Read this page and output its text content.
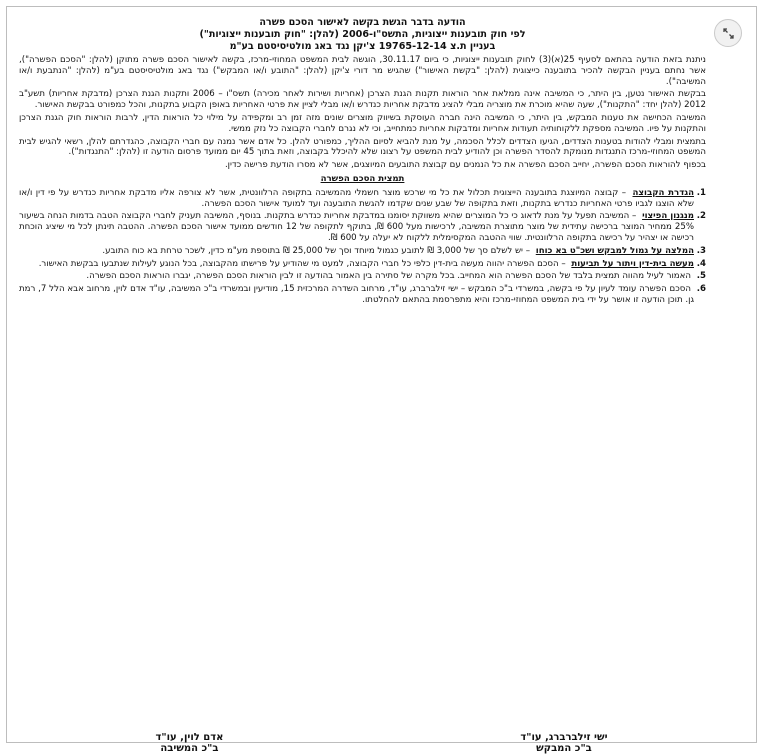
הודעה בדבר הגשת בקשה לאישור הסכם פשרה
לפי חוק תובענות ייצוגיות, התשס"ו-2006 (להלן: "חוק תובענות ייצוגיות")
בעניין ת.צ 19765-12-14 צ'יקן נגד באג מולטיסיסטם בע"מ

ניתנת בזאת הודעה בהתאם לסעיף 25(א)(3) לחוק תובענות ייצוגיות, כי ביום 30.11.17, הוגשה לבית המשפט המחוזי-מרכז, בקשה לאישור הסכם פשרה מתוקן (להלן: "הסכם הפשרה"), אשר נחתם בעניין הבקשה להכיר בתובענה כייצוגית (להלן: "בקשת האישור") שהגיש מר דורי צ'יקן (להלן: "התובע ו/או המבקש") נגד באג מולטיסיסטם בע"מ (להלן: "הנתבעת ו/או המשיבה").

בבקשת האישור נטען, בין היתר, כי המשיבה אינה ממלאת אחר הוראות תקנות הגנת הצרכן (אחריות ושירות לאחר מכירה) תשס"ו – 2006 ותקנות הגנת הצרכן (מדבקת אחריות) תשע"ב 2012 (להלן יחד: "התקנות"), שעה שהיא מוכרת את מוצריה מבלי להציג מדבקת אחריות כנדרש ו/או מבלי לציין את פרטי האחריות באופן הקבוע בתקנות, והכל כמפורט בבקשת האישור.

המשיבה הכחישה את טענות המבקש, בין היתר, כי המשיבה הינה חברה העוסקת בשיווק מוצרים שונים מזה זמן רב ומקפידה על מילוי כל הוראות הדין, לרבות הוראות חוק הגנת הצרכן והתקנות על פיו. המשיבה מספקת ללקוחותיה תעודות אחריות ומדבקות אחריות כמתחייב, וכי לא נגרם לחברי הקבוצה כל נזק ממשי.

בתמצית ומבלי להודות בטענות הצדדים, הגיעו הצדדים לכלל הסכמה, על מנת להביא לסיום ההליך, כמפורט להלן. כל אדם אשר נמנה עם חברי הקבוצה, כהגדרתם להלן, רשאי להגיש לבית המשפט המחוזי-מרכז התנגדות מנומקת להסדר הפשרה וכן להודיע לבית המשפט על רצונו שלא להיכלל בקבוצה, וזאת בתוך 45 יום ממועד פרסום הודעה זו (להלן: "התנגדות").

בכפוף להוראות הסכם הפשרה, יחייב הסכם הפשרה את כל הנמנים עם קבוצת התובעים המיוצגים, אשר לא מסרו הודעת פרישה כדין.

תמצית הסכם הפשרה
1.
הגדרת הקבוצה – קבוצה המיוצגת בתובענה הייצוגית תכלול את כל מי שרכש מוצר חשמלי מהמשיבה בתקופה הרלוונטית, אשר לא צורפה אליו מדבקת אחריות כנדרש על פי דין ו/או שלא הוצגו לגביו פרטי האחריות כנדרש בתקנות, וזאת בתקופה של שבע שנים שקדמו להגשת התובענה ועד למועד אישור הסכם הפשרה.
2.
מנגנון הפיצוי – המשיבה תפעל על מנת לדאוג כי כל המוצרים שהיא משווקת יסומנו במדבקת אחריות כנדרש בתקנות. בנוסף, המשיבה תעניק לחברי הקבוצה הטבה בדמות הנחה בשיעור 25% ממחיר המוצר ברכישה עתידית של מוצר מתוצרת המשיבה, לרכישות מעל 600 ₪, בתוקף לתקופה של 12 חודשים ממועד אישור הסכם הפשרה. ההטבה תינתן לכל מי שיציג הוכחת רכישה או יצהיר על רכישה בתקופה הרלוונטית. שווי ההטבה המקסימלית ללקוח לא יעלה על 600 ₪.
3.
המלצה על גמול למבקש ושכ"ט בא כוחו – יש לשלם סך של 3,000 ₪ לתובע כגמול מיוחד וסך של 25,000 ₪ בתוספת מע"מ כדין, לשכר טרחת בא כוח התובע.
4.
מעשה בית-דין ויתור על תביעות – הסכם הפשרה יהווה מעשה בית-דין כלפי כל חברי הקבוצה, למעט מי שהודיע על פרישתו מהקבוצה, בכל הנוגע לעילות שנתבעו בבקשת האישור.
5.
האמור לעיל מהווה תמצית בלבד של הסכם הפשרה הוא המחייב. בכל מקרה של סתירה בין האמור בהודעה זו לבין הוראות הסכם הפשרה, יגברו הוראות הסכם הפשרה.
6.
הסכם הפשרה עומד לעיון על פי בקשה, במשרדי ב"כ המבקש – ישי זילברברג, עו"ד, מרחוב השדרה המרכזית 15, מודיעין ובמשרדי ב"כ המשיבה, עו"ד אדם לוין, מרחוב אבא הלל 7, רמת גן. תוכן הודעה זו אושר על ידי בית המשפט המחוזי-מרכז והיא מתפרסמת בהתאם להחלטתו.
ישי זילברברג, עו"ד
ב"כ המבקש
אדם לוין, עו"ד
ב"כ המשיבה
